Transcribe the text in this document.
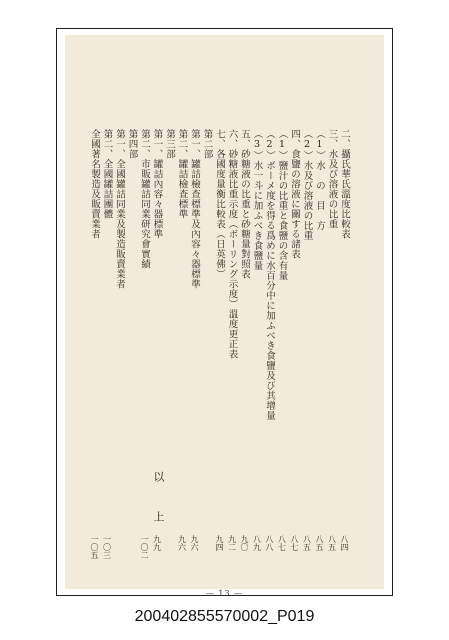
二、攝氏華氏溫度比較表
八四
三、水及び溶液の比重
八五
（1）水　の　目　方
八五
（2）水及び溶液の比重
八五
四、食鹽の溶液に關する諸表
八七
（1）鹽汁の比重と食鹽の含有量
八七
（2）ボーメ度を得る爲めに水百分中に加ふべき食鹽及び其增量
八八
（3）水一斗に加ふべき食鹽量
八九
五、砂糖液の比重と砂糖量對照表
九〇
六、砂糖液比重示度（ボーリング示度）溫度更正表
九二
七、各國度量衡比較表（日英佛）
九四
第二部
第一、罐詰檢查標準及內容々器標準
九六
第二、罐詰檢查標準
九六
第三部
第一、罐詰內容々器標準
九九
第二、市販罐詰同業研究會實績
一〇二
第四部
第一、全國罐詰同業及製造販賣業者
第二、全國罐詰團體
一〇三
全國著名製造及販賣業者
一〇五
以
上
— 13 —
200402855570002_P019
